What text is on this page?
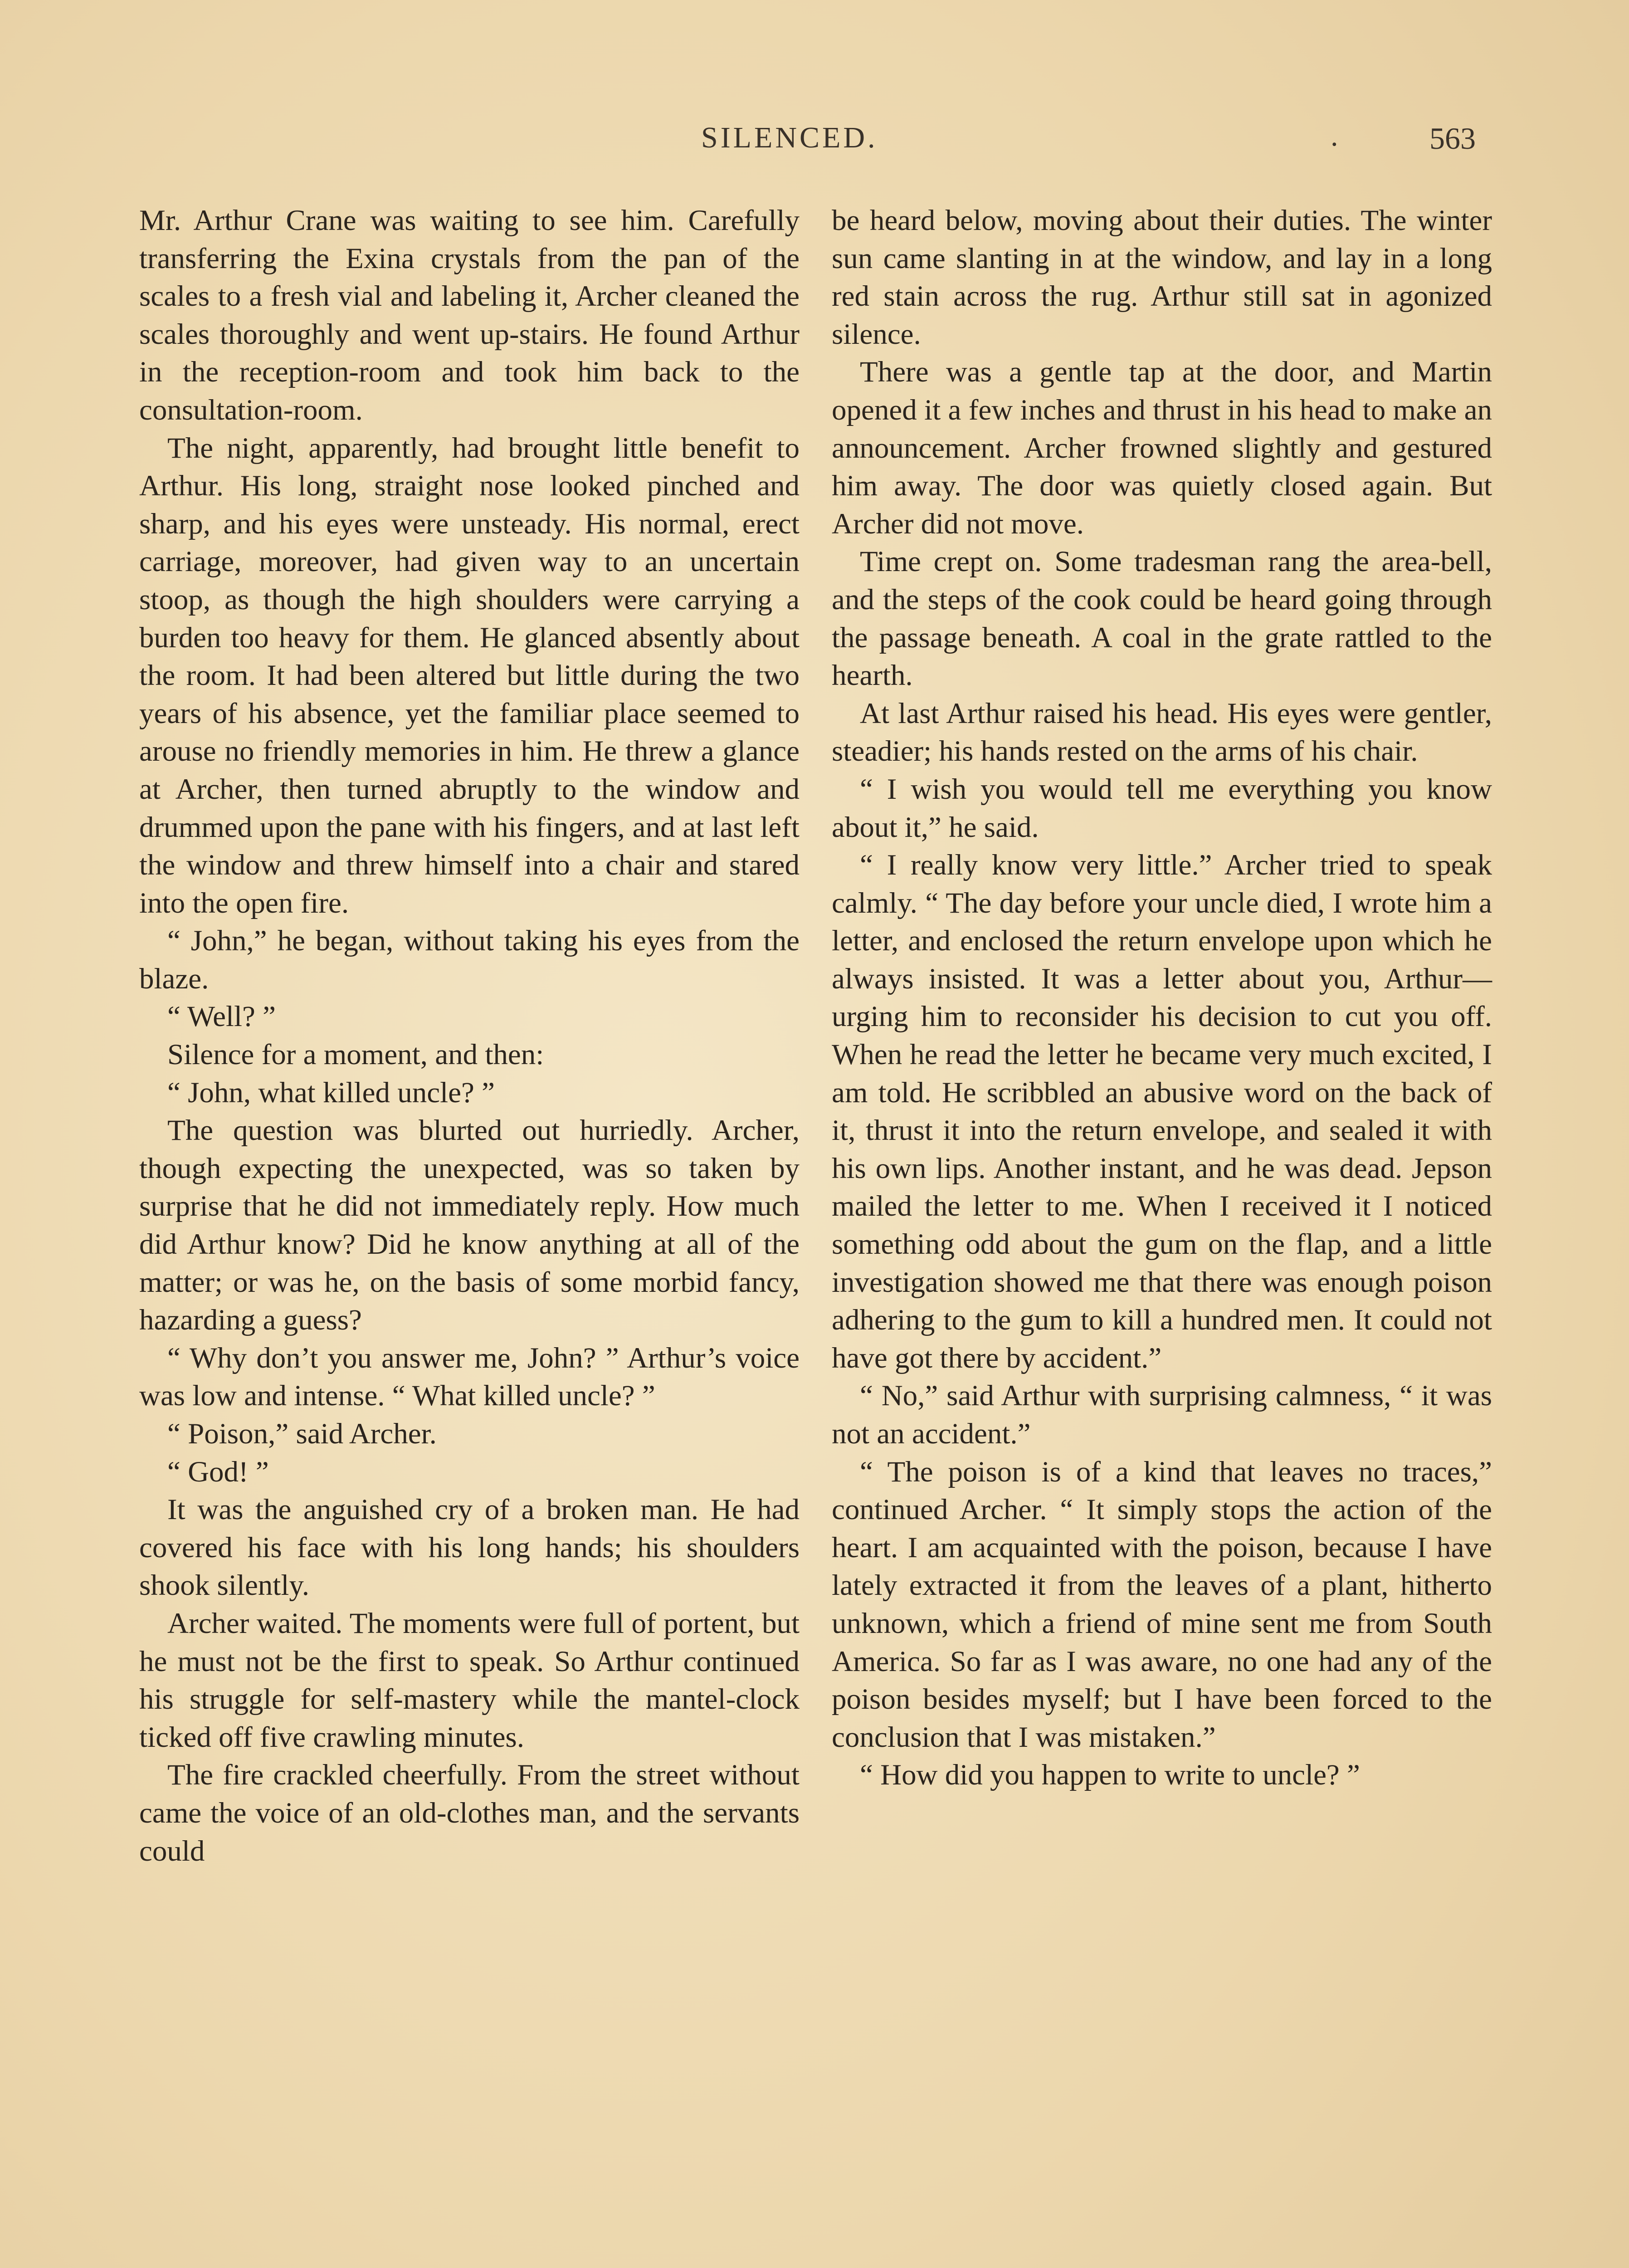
SILENCED.	.	563

Mr. Arthur Crane was waiting to see him. Carefully transferring the Exina crystals from the pan of the scales to a fresh vial and labeling it, Archer cleaned the scales thoroughly and went up-stairs. He found Arthur in the reception-room and took him back to the consultation-room.

The night, apparently, had brought little benefit to Arthur. His long, straight nose looked pinched and sharp, and his eyes were unsteady. His normal, erect carriage, moreover, had given way to an uncertain stoop, as though the high shoulders were carrying a burden too heavy for them. He glanced absently about the room. It had been altered but little during the two years of his absence, yet the familiar place seemed to arouse no friendly memories in him. He threw a glance at Archer, then turned abruptly to the window and drummed upon the pane with his fingers, and at last left the window and threw himself into a chair and stared into the open fire.

“ John,” he began, without taking his eyes from the blaze.

“ Well? ”

Silence for a moment, and then:

“ John, what killed uncle? ”

The question was blurted out hurriedly. Archer, though expecting the unexpected, was so taken by surprise that he did not immediately reply. How much did Arthur know? Did he know anything at all of the matter; or was he, on the basis of some morbid fancy, hazarding a guess?

“ Why don’t you answer me, John? ” Arthur’s voice was low and intense. “ What killed uncle? ”

“ Poison,” said Archer.

“ God! ”

It was the anguished cry of a broken man. He had covered his face with his long hands; his shoulders shook silently.

Archer waited. The moments were full of portent, but he must not be the first to speak. So Arthur continued his struggle for self-mastery while the mantel-clock ticked off five crawling minutes.

The fire crackled cheerfully. From the street without came the voice of an old-clothes man, and the servants could

be heard below, moving about their duties. The winter sun came slanting in at the window, and lay in a long red stain across the rug. Arthur still sat in agonized silence.

There was a gentle tap at the door, and Martin opened it a few inches and thrust in his head to make an announcement. Archer frowned slightly and gestured him away. The door was quietly closed again. But Archer did not move.

Time crept on. Some tradesman rang the area-bell, and the steps of the cook could be heard going through the passage beneath. A coal in the grate rattled to the hearth.

At last Arthur raised his head. His eyes were gentler, steadier; his hands rested on the arms of his chair.

“ I wish you would tell me everything you know about it,” he said.

“ I really know very little.” Archer tried to speak calmly. “ The day before your uncle died, I wrote him a letter, and enclosed the return envelope upon which he always insisted. It was a letter about you, Arthur—urging him to reconsider his decision to cut you off. When he read the letter he became very much excited, I am told. He scribbled an abusive word on the back of it, thrust it into the return envelope, and sealed it with his own lips. Another instant, and he was dead. Jepson mailed the letter to me. When I received it I noticed something odd about the gum on the flap, and a little investigation showed me that there was enough poison adhering to the gum to kill a hundred men. It could not have got there by accident.”

“ No,” said Arthur with surprising calmness, “ it was not an accident.”

“ The poison is of a kind that leaves no traces,” continued Archer. “ It simply stops the action of the heart. I am acquainted with the poison, because I have lately extracted it from the leaves of a plant, hitherto unknown, which a friend of mine sent me from South America. So far as I was aware, no one had any of the poison besides myself; but I have been forced to the conclusion that I was mistaken.”

“ How did you happen to write to uncle? ”
